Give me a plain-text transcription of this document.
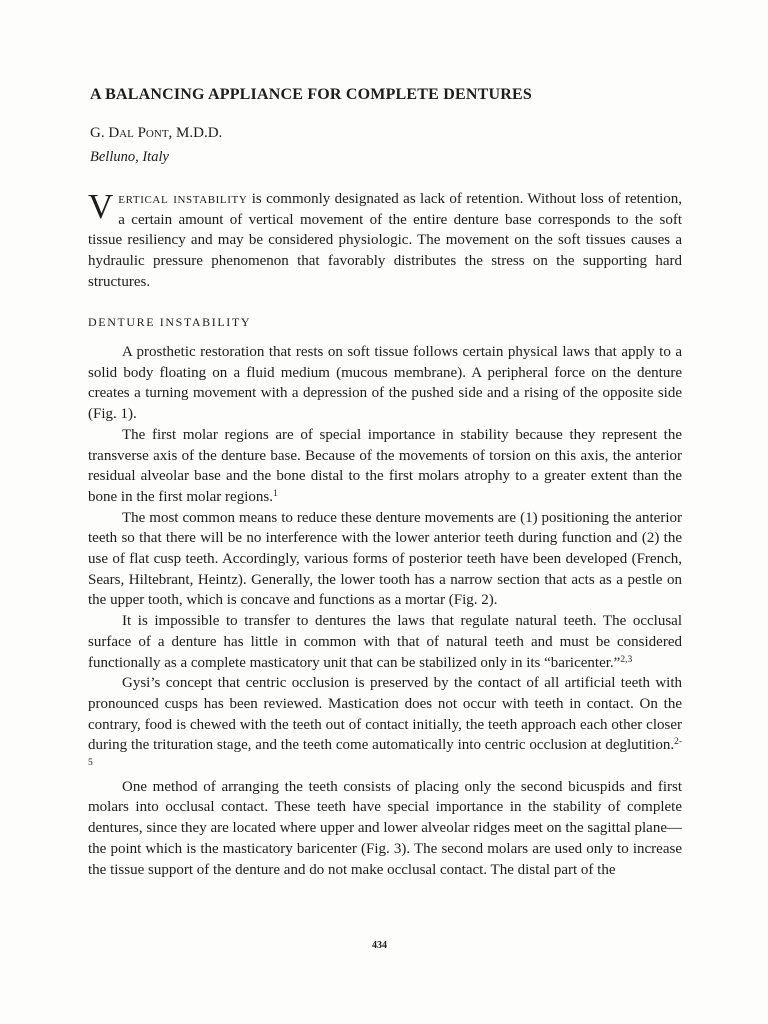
A BALANCING APPLIANCE FOR COMPLETE DENTURES
G. Dal Pont, M.D.D.
Belluno, Italy
Vertical instability is commonly designated as lack of retention. Without loss of retention, a certain amount of vertical movement of the entire denture base corresponds to the soft tissue resiliency and may be considered physiologic. The movement on the soft tissues causes a hydraulic pressure phenomenon that favorably distributes the stress on the supporting hard structures.
DENTURE INSTABILITY

A prosthetic restoration that rests on soft tissue follows certain physical laws that apply to a solid body floating on a fluid medium (mucous membrane). A peripheral force on the denture creates a turning movement with a depression of the pushed side and a rising of the opposite side (Fig. 1).

The first molar regions are of special importance in stability because they represent the transverse axis of the denture base. Because of the movements of torsion on this axis, the anterior residual alveolar base and the bone distal to the first molars atrophy to a greater extent than the bone in the first molar regions.$^1$

The most common means to reduce these denture movements are (1) positioning the anterior teeth so that there will be no interference with the lower anterior teeth during function and (2) the use of flat cusp teeth. Accordingly, various forms of posterior teeth have been developed (French, Sears, Hiltebrant, Heintz). Generally, the lower tooth has a narrow section that acts as a pestle on the upper tooth, which is concave and functions as a mortar (Fig. 2).

It is impossible to transfer to dentures the laws that regulate natural teeth. The occlusal surface of a denture has little in common with that of natural teeth and must be considered functionally as a complete masticatory unit that can be stabilized only in its “baricenter.”$^{2,3}$

Gysi’s concept that centric occlusion is preserved by the contact of all artificial teeth with pronounced cusps has been reviewed. Mastication does not occur with teeth in contact. On the contrary, food is chewed with the teeth out of contact initially, the teeth approach each other closer during the trituration stage, and the teeth come automatically into centric occlusion at deglutition.$^{2-5}$

One method of arranging the teeth consists of placing only the second bicuspids and first molars into occlusal contact. These teeth have special importance in the stability of complete dentures, since they are located where upper and lower alveolar ridges meet on the sagittal plane—the point which is the masticatory baricenter (Fig. 3). The second molars are used only to increase the tissue support of the denture and do not make occlusal contact. The distal part of the

434
